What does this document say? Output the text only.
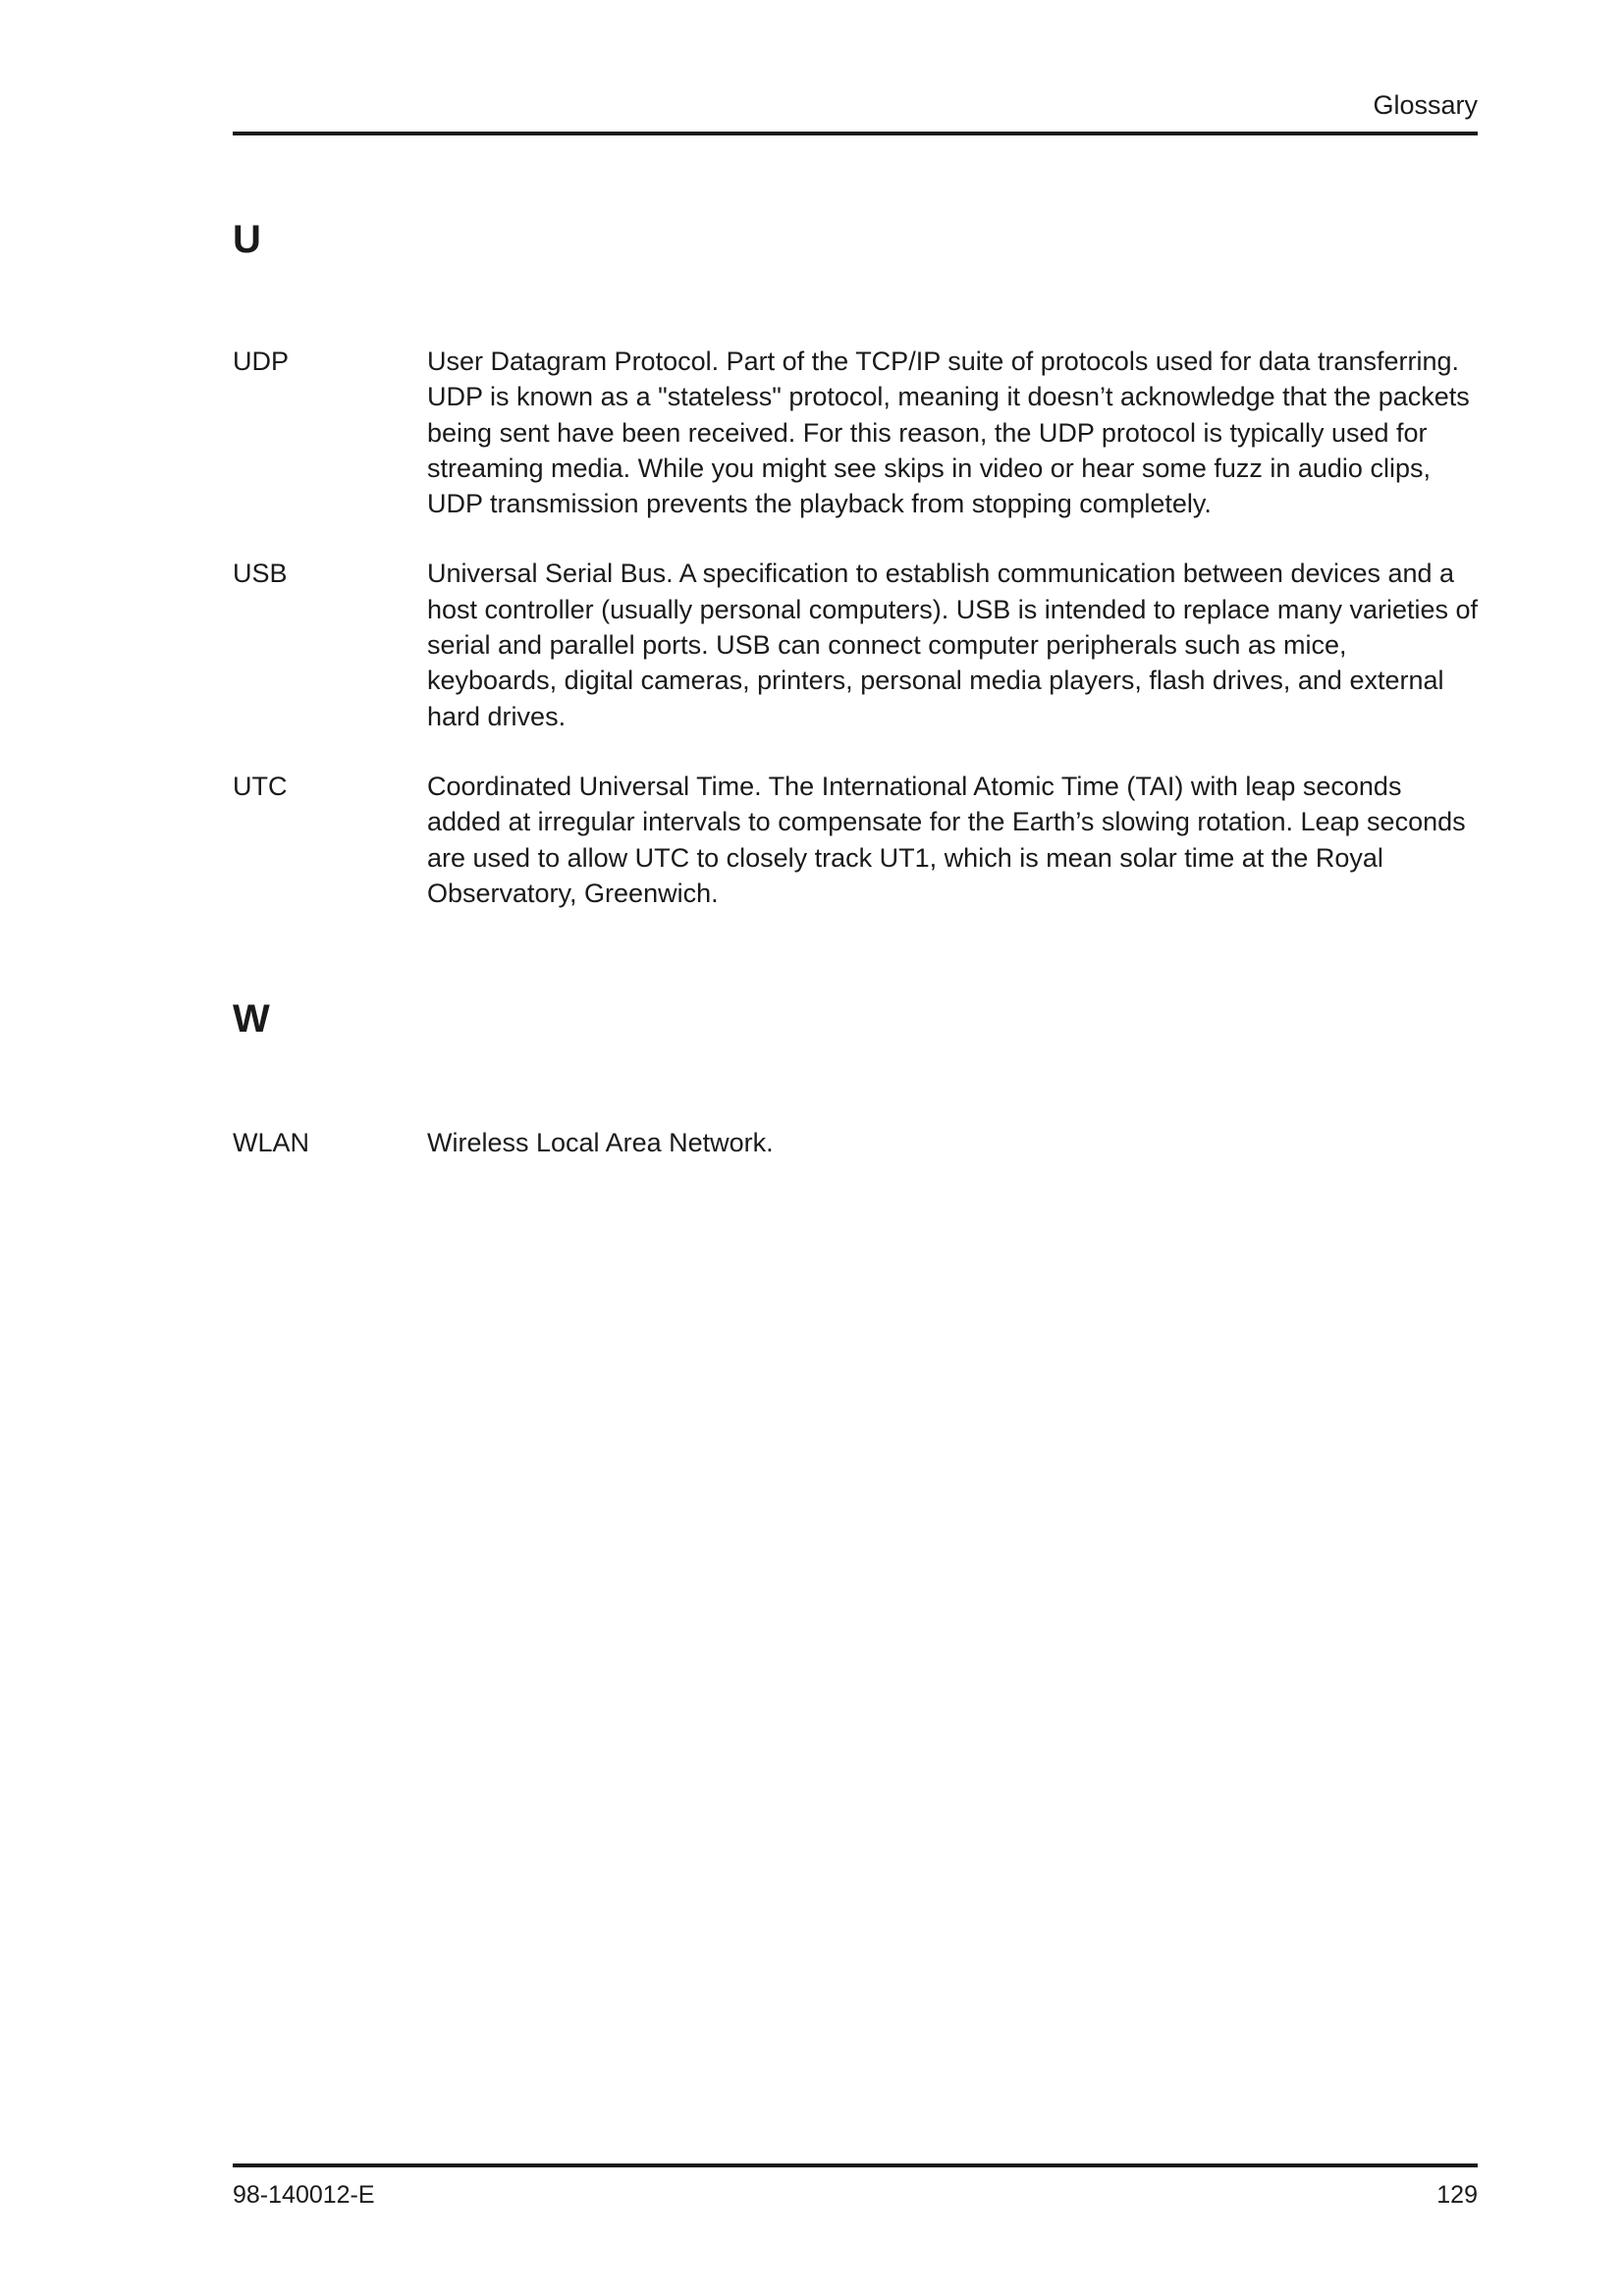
Glossary
U
UDP	User Datagram Protocol. Part of the TCP/IP suite of protocols used for data transferring. UDP is known as a "stateless" protocol, meaning it doesn’t acknowledge that the packets being sent have been received. For this reason, the UDP protocol is typically used for streaming media. While you might see skips in video or hear some fuzz in audio clips, UDP transmission prevents the playback from stopping completely.

USB	Universal Serial Bus. A specification to establish communication between devices and a host controller (usually personal computers). USB is intended to replace many varieties of serial and parallel ports. USB can connect computer peripherals such as mice, keyboards, digital cameras, printers, personal media players, flash drives, and external hard drives.

UTC	Coordinated Universal Time. The International Atomic Time (TAI) with leap seconds added at irregular intervals to compensate for the Earth’s slowing rotation. Leap seconds are used to allow UTC to closely track UT1, which is mean solar time at the Royal Observatory, Greenwich.

W
WLAN	Wireless Local Area Network.

98-140012-E	129
